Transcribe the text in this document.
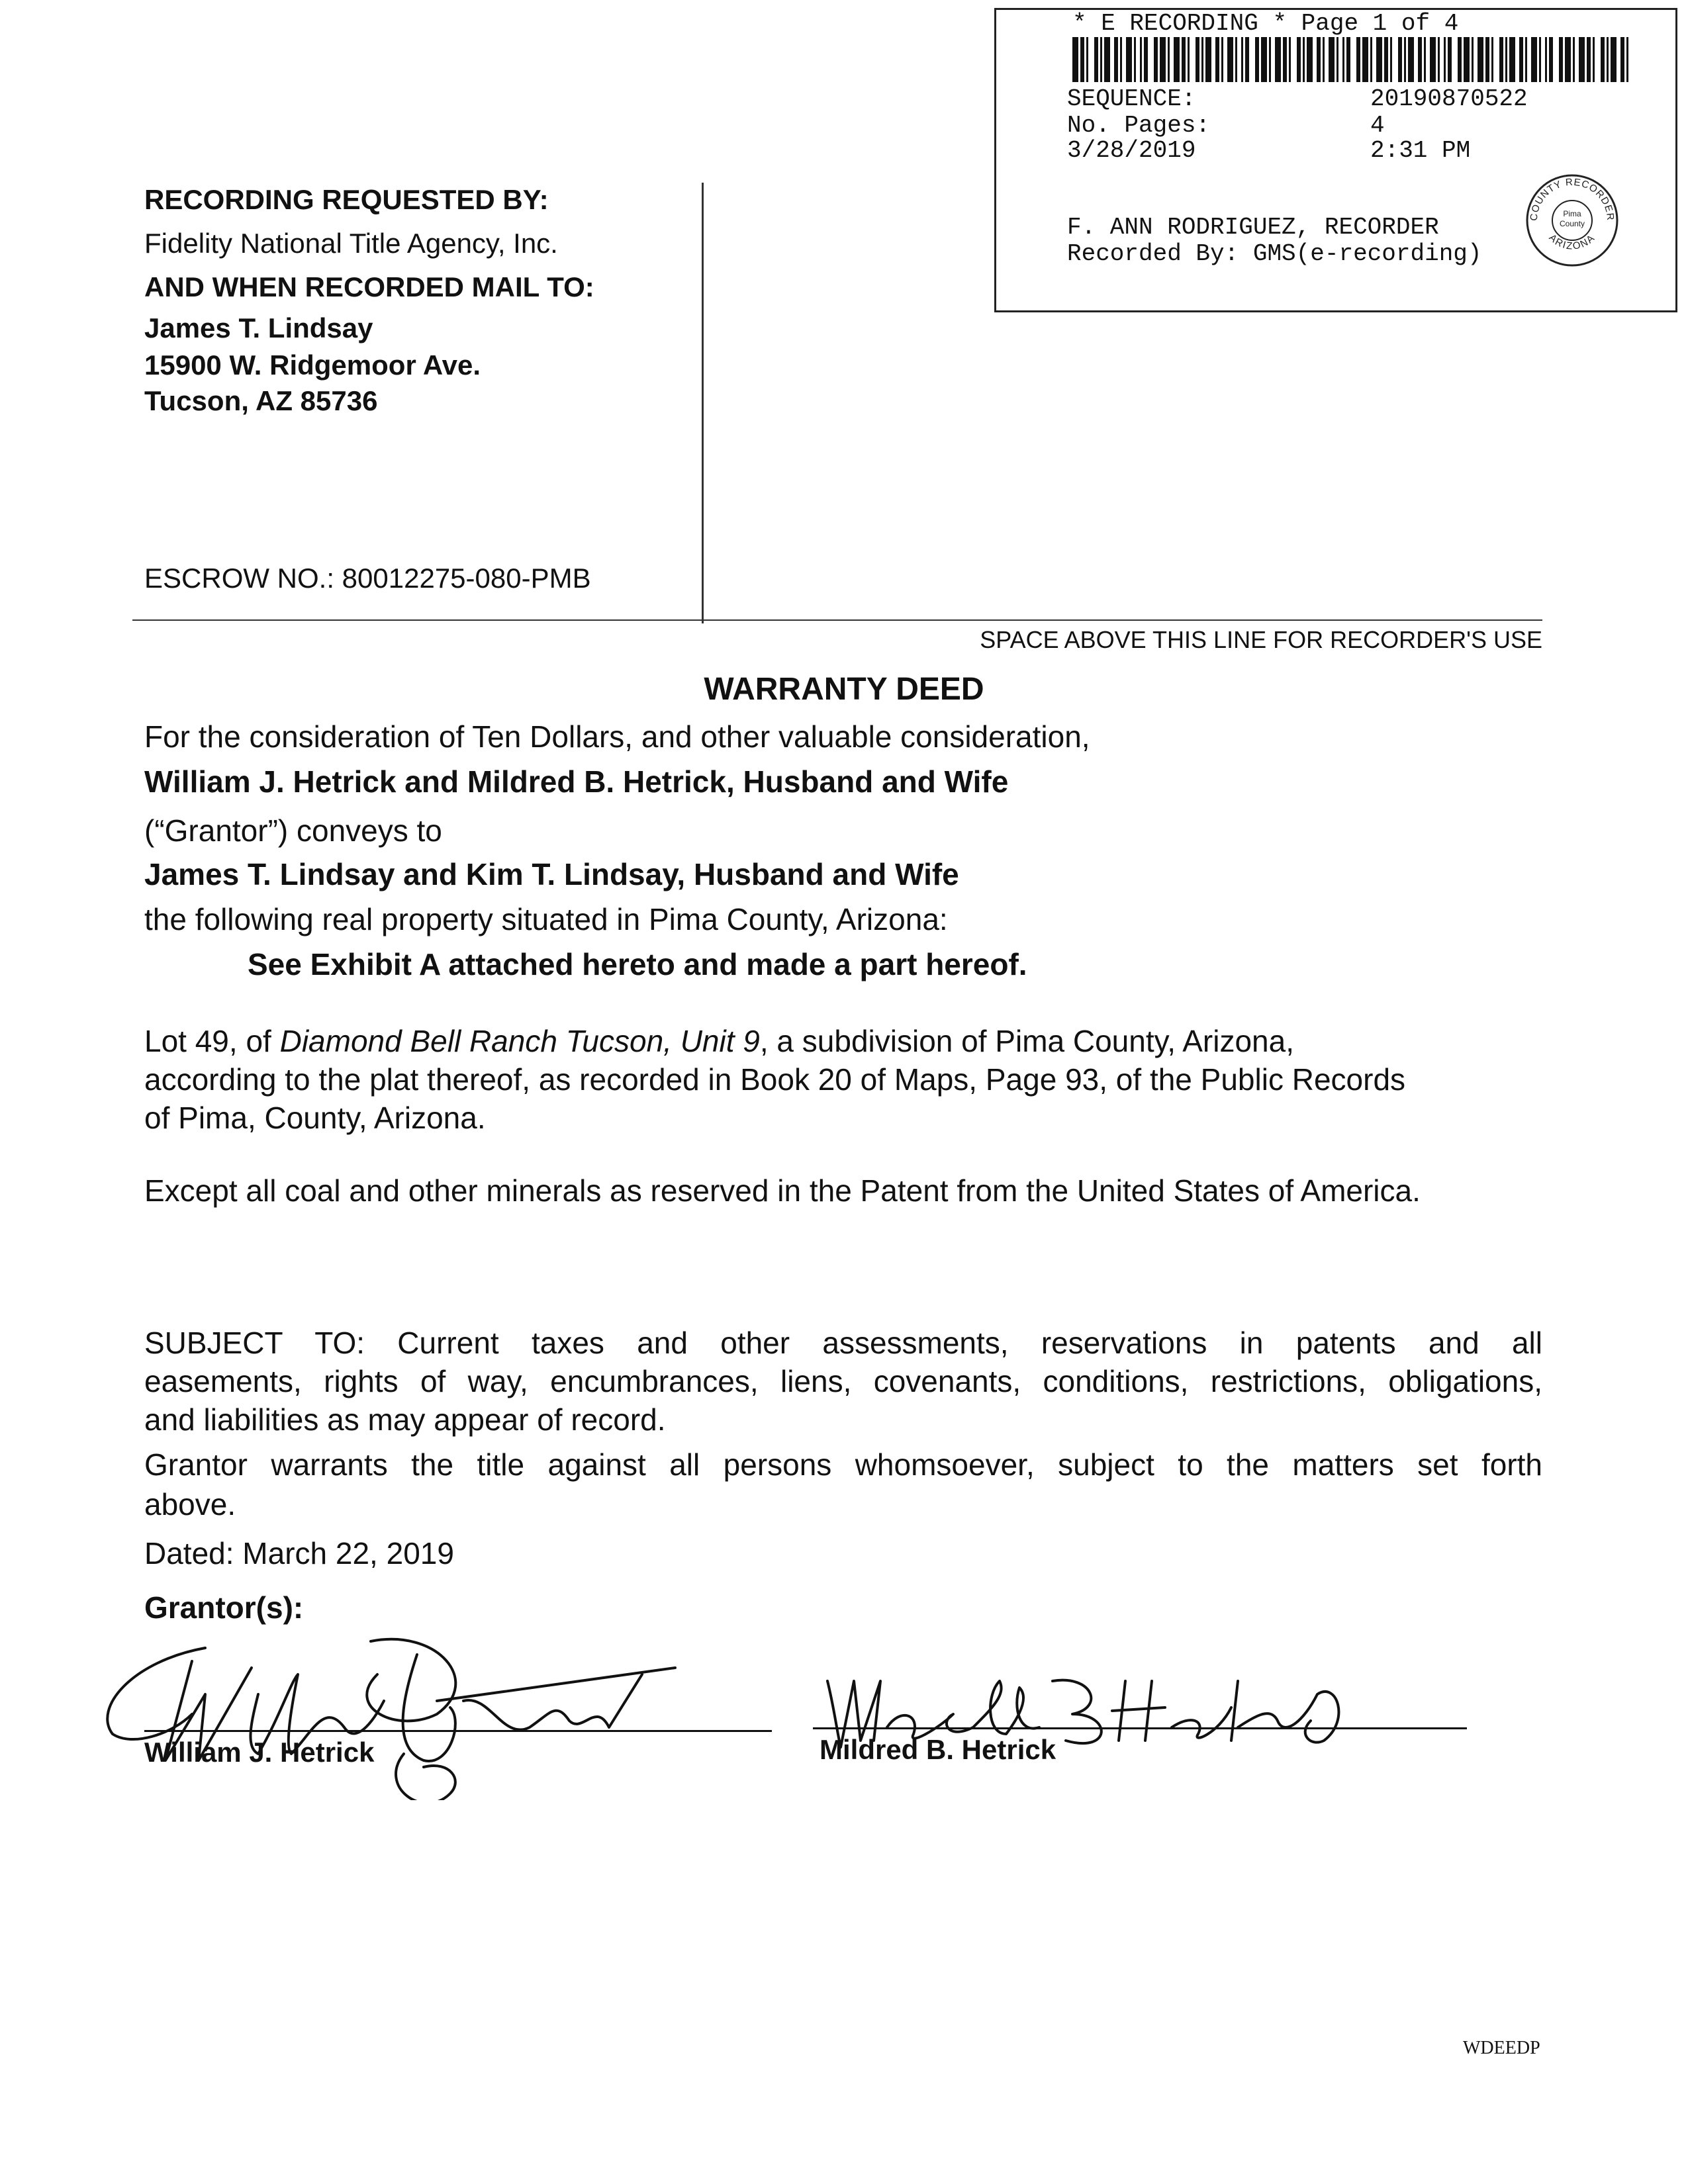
* E RECORDING * Page 1 of 4
SEQUENCE:	20190870522
No. Pages:	4
3/28/2019	2:31 PM
F. ANN RODRIGUEZ, RECORDER
Recorded By: GMS(e-recording)
COUNTY RECORDER
ARIZONA
Pima County
RECORDING REQUESTED BY:
Fidelity National Title Agency, Inc.
AND WHEN RECORDED MAIL TO:
James T. Lindsay
15900 W. Ridgemoor Ave.
Tucson, AZ 85736
ESCROW NO.: 80012275-080-PMB
SPACE ABOVE THIS LINE FOR RECORDER'S USE
WARRANTY DEED
For the consideration of Ten Dollars, and other valuable consideration,
William J. Hetrick and Mildred B. Hetrick, Husband and Wife
(“Grantor”) conveys to
James T. Lindsay and Kim T. Lindsay, Husband and Wife
the following real property situated in Pima County, Arizona:
See Exhibit A attached hereto and made a part hereof.
Lot 49, of Diamond Bell Ranch Tucson, Unit 9, a subdivision of Pima County, Arizona,
according to the plat thereof, as recorded in Book 20 of Maps, Page 93, of the Public Records
of Pima, County, Arizona.
Except all coal and other minerals as reserved in the Patent from the United States of America.
SUBJECT TO: Current taxes and other assessments, reservations in patents and all
easements, rights of way, encumbrances, liens, covenants, conditions, restrictions, obligations,
and liabilities as may appear of record.
Grantor warrants the title against all persons whomsoever, subject to the matters set forth
above.
Dated: March 22, 2019
Grantor(s):
William J. Hetrick	Mildred B. Hetrick
WDEEDP
